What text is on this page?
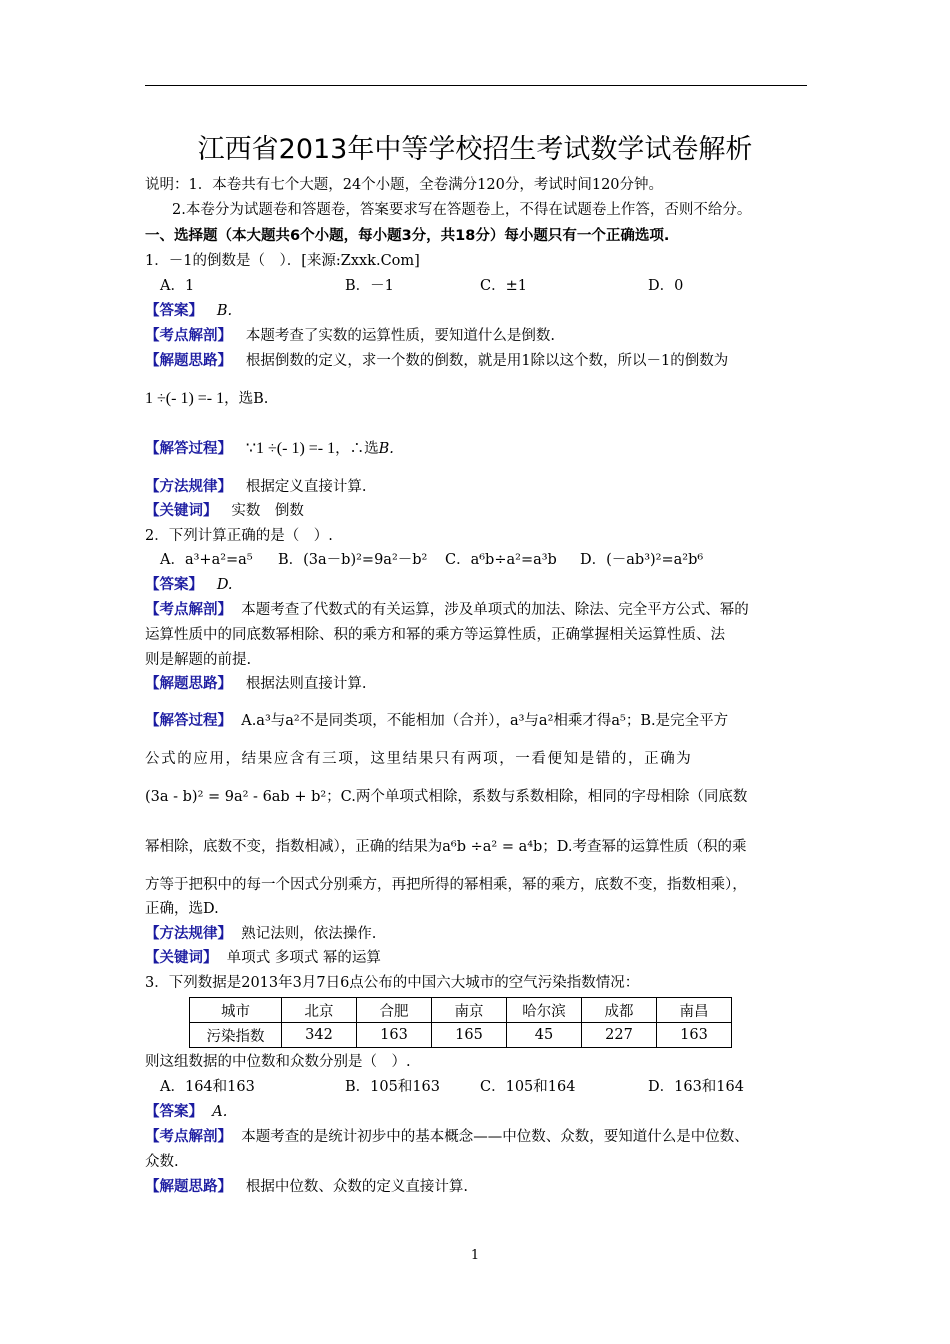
江西省2013年中等学校招生考试数学试卷解析
说明：1．本卷共有七个大题，24个小题，全卷满分120分，考试时间120分钟。
2.本卷分为试题卷和答题卷，答案要求写在答题卷上，不得在试题卷上作答，否则不给分。
一、选择题（本大题共6个小题，每小题3分，共18分）每小题只有一个正确选项.
1．－1的倒数是（　）．[来源:Zxxk.Com]
A．1	B．－1	C．±1	D．0
【答案】 B.
【考点解剖】 本题考查了实数的运算性质，要知道什么是倒数.
【解题思路】 根据倒数的定义，求一个数的倒数，就是用1除以这个数，所以－1的倒数为
1 ÷(- 1) =- 1，选B.
【解答过程】 ∵1 ÷(- 1) =- 1，∴选B.
【方法规律】 根据定义直接计算.
【关键词】 实数　倒数
2．下列计算正确的是（　）.
A．a³+a²=a⁵ B．(3a－b)²=9a²－b² C．a⁶b÷a²=a³b D．(－ab³)²=a²b⁶
【答案】 D.
【考点解剖】 本题考查了代数式的有关运算，涉及单项式的加法、除法、完全平方公式、幂的
运算性质中的同底数幂相除、积的乘方和幂的乘方等运算性质，正确掌握相关运算性质、法
则是解题的前提.
【解题思路】 根据法则直接计算.
【解答过程】 A.a³与a²不是同类项，不能相加（合并），a³与a²相乘才得a⁵；B.是完全平方
公式的应用，结果应含有三项，这里结果只有两项，一看便知是错的，正确为
(3a - b)² = 9a² - 6ab + b²；C.两个单项式相除，系数与系数相除，相同的字母相除（同底数
幂相除，底数不变，指数相减），正确的结果为a⁶b ÷a² = a⁴b；D.考查幂的运算性质（积的乘
方等于把积中的每一个因式分别乘方，再把所得的幂相乘，幂的乘方，底数不变，指数相乘），
正确，选D.
【方法规律】 熟记法则，依法操作.
【关键词】 单项式 多项式 幂的运算
3．下列数据是2013年3月7日6点公布的中国六大城市的空气污染指数情况：
城市	北京	合肥	南京	哈尔滨	成都	南昌
污染指数	342	163	165	45	227	163
则这组数据的中位数和众数分别是（　）.
A．164和163	B．105和163	C．105和164	D．163和164
【答案】 A.
【考点解剖】 本题考查的是统计初步中的基本概念——中位数、众数，要知道什么是中位数、
众数.
【解题思路】 根据中位数、众数的定义直接计算.
1
